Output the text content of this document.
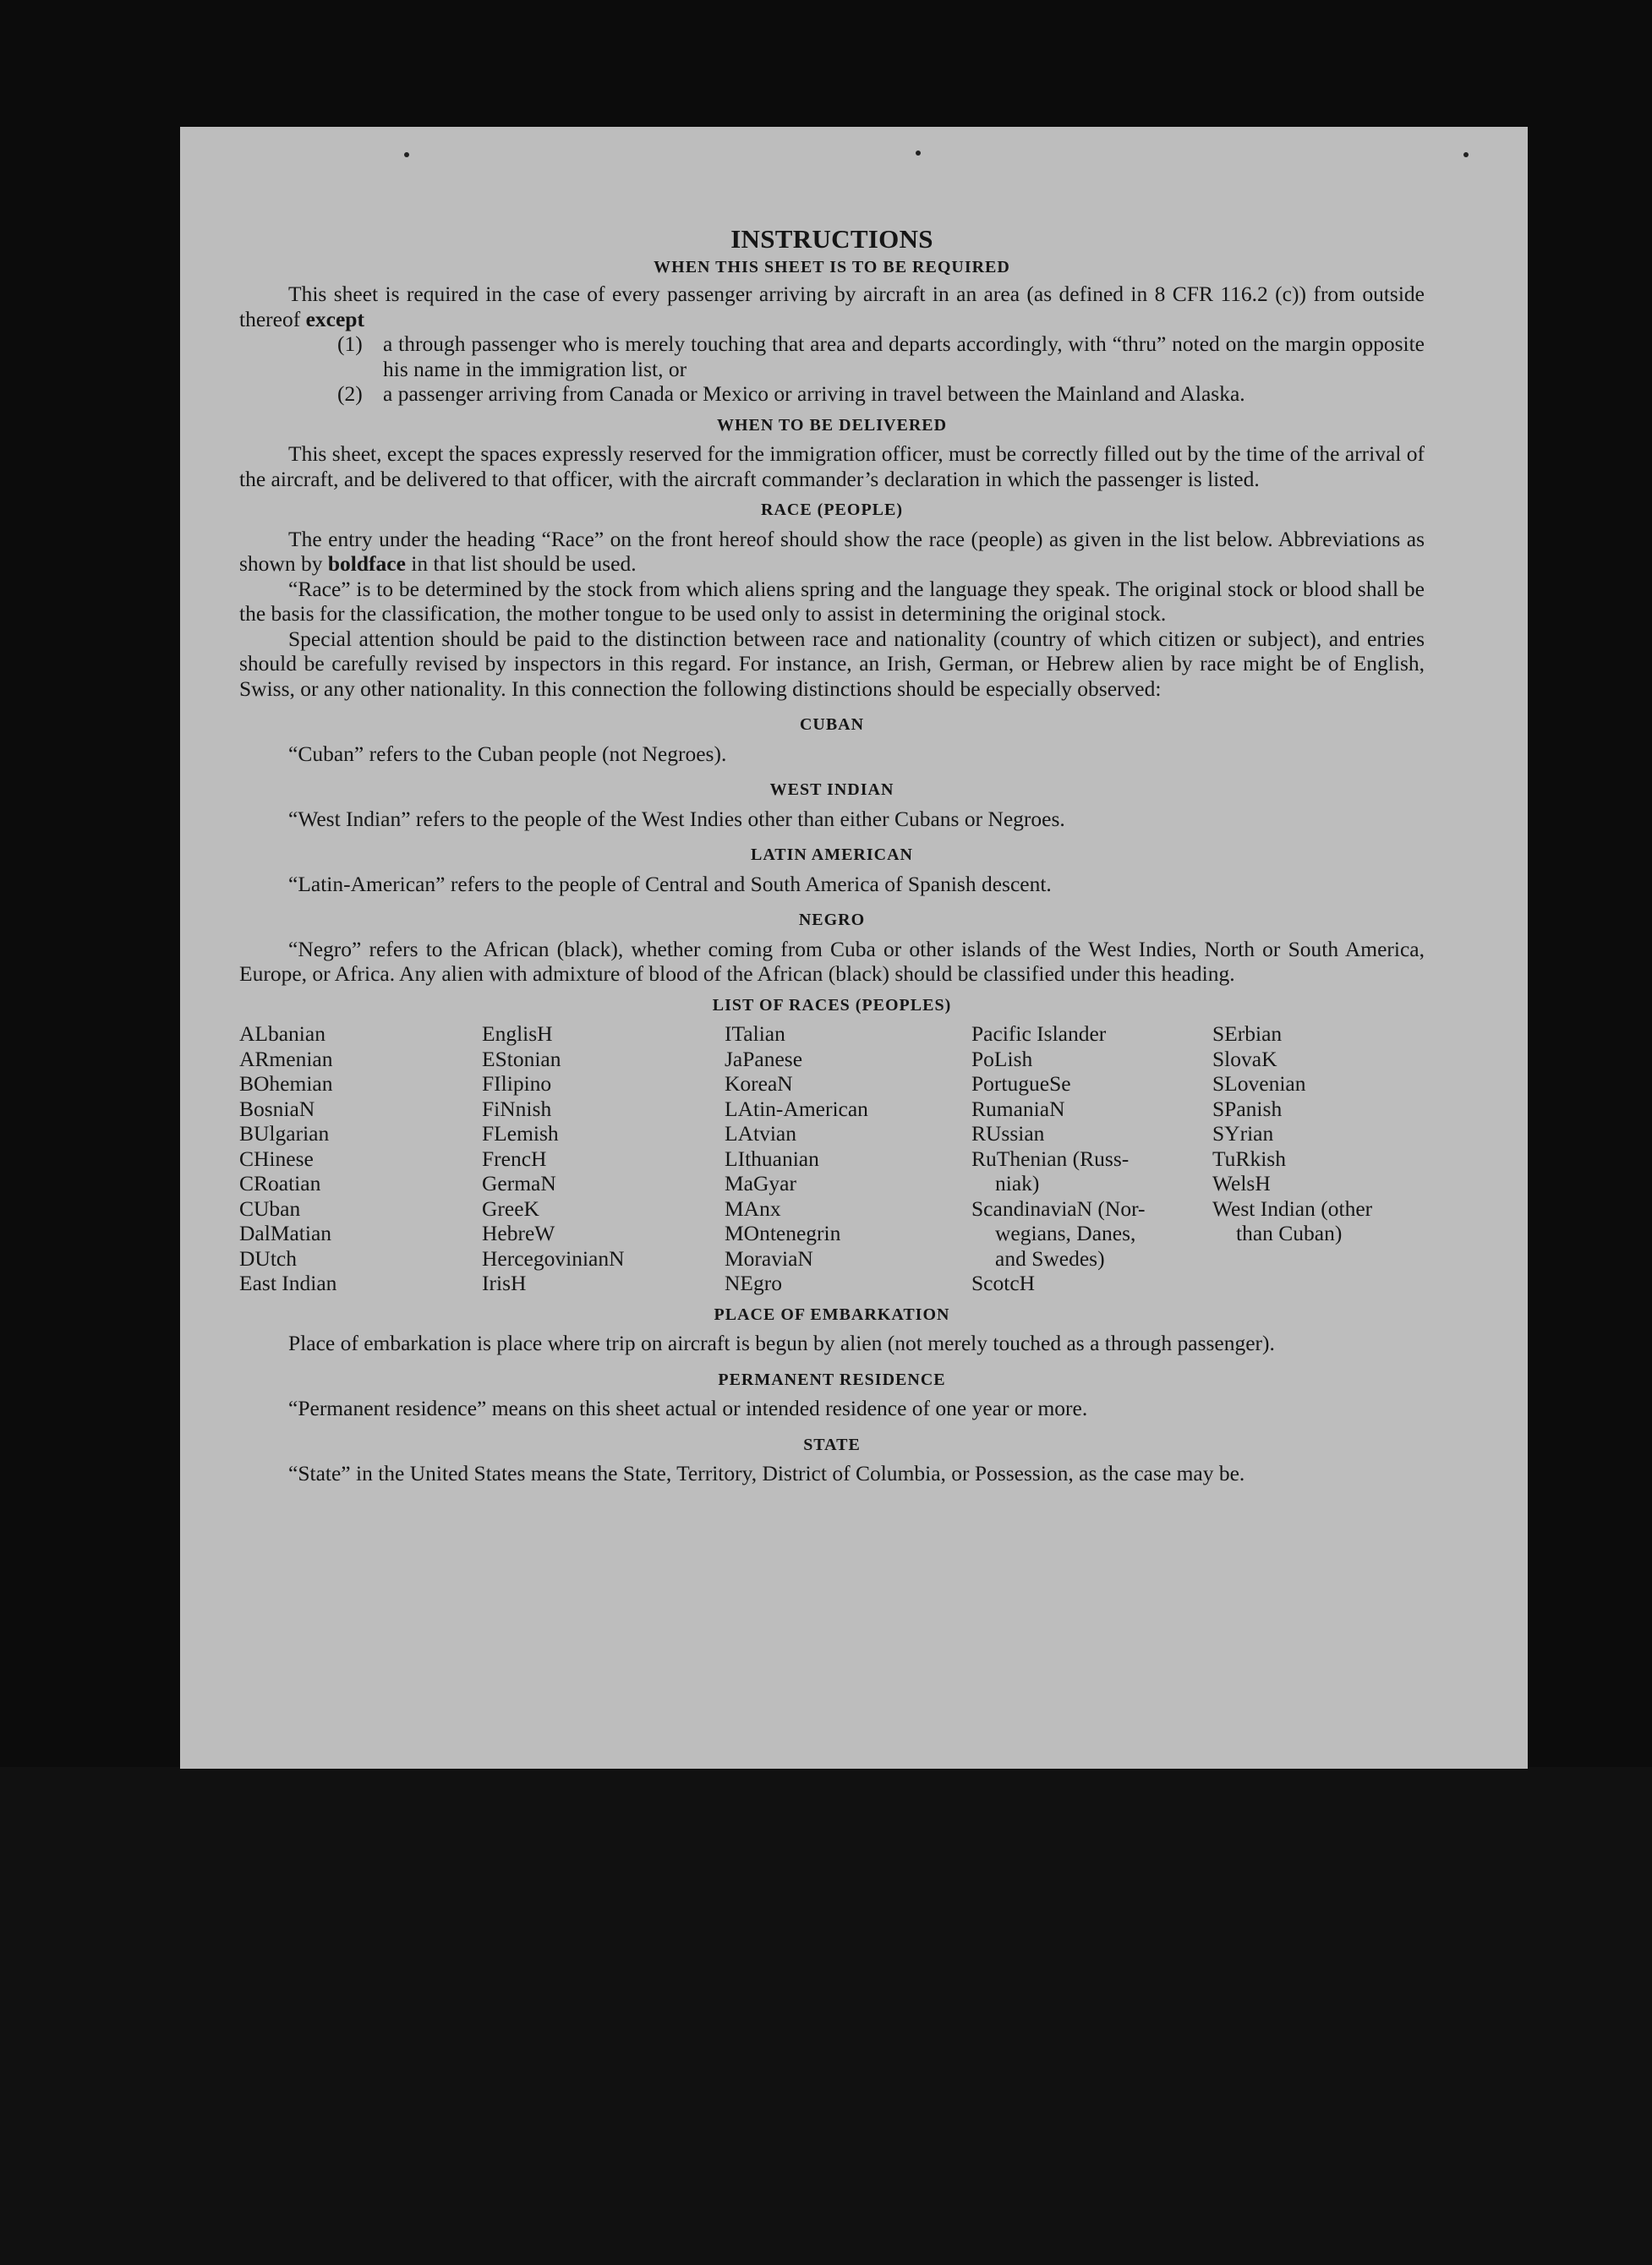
INSTRUCTIONS
WHEN THIS SHEET IS TO BE REQUIRED

This sheet is required in the case of every passenger arriving by aircraft in an area (as defined in 8 CFR 116.2 (c)) from outside thereof except

(1) a through passenger who is merely touching that area and departs accordingly, with “thru” noted on the margin opposite his name in the immigration list, or
(2) a passenger arriving from Canada or Mexico or arriving in travel between the Mainland and Alaska.
WHEN TO BE DELIVERED

This sheet, except the spaces expressly reserved for the immigration officer, must be correctly filled out by the time of the arrival of the aircraft, and be delivered to that officer, with the aircraft commander’s declaration in which the passenger is listed.

RACE (PEOPLE)

The entry under the heading “Race” on the front hereof should show the race (people) as given in the list below. Abbreviations as shown by boldface in that list should be used.

“Race” is to be determined by the stock from which aliens spring and the language they speak. The original stock or blood shall be the basis for the classification, the mother tongue to be used only to assist in determining the original stock.

Special attention should be paid to the distinction between race and nationality (country of which citizen or subject), and entries should be carefully revised by inspectors in this regard. For instance, an Irish, German, or Hebrew alien by race might be of English, Swiss, or any other nationality. In this connection the following distinctions should be especially observed:

CUBAN

“Cuban” refers to the Cuban people (not Negroes).

WEST INDIAN

“West Indian” refers to the people of the West Indies other than either Cubans or Negroes.

LATIN AMERICAN

“Latin-American” refers to the people of Central and South America of Spanish descent.

NEGRO

“Negro” refers to the African (black), whether coming from Cuba or other islands of the West Indies, North or South America, Europe, or Africa. Any alien with admixture of blood of the African (black) should be classified under this heading.

LIST OF RACES (PEOPLES)
ALbanian
ARmenian
BOhemian
BosniaN
BUlgarian
CHinese
CRoatian
CUban
DalMatian
DUtch
East Indian
EnglisH
EStonian
FIlipino
FiNnish
FLemish
FrencH
GermaN
GreeK
HebreW
HercegovinianN
IrisH
ITalian
JaPanese
KoreaN
LAtin-American
LAtvian
LIthuanian
MaGyar
MAnx
MOntenegrin
MoraviaN
NEgro
Pacific Islander
PoLish
PortugueSe
RumaniaN
RUssian
RuThenian (Russ-
niak)
ScandinaviaN (Nor-
wegians, Danes,
and Swedes)
ScotcH
SErbian
SlovaK
SLovenian
SPanish
SYrian
TuRkish
WelsH
West Indian (other
than Cuban)
PLACE OF EMBARKATION

Place of embarkation is place where trip on aircraft is begun by alien (not merely touched as a through passenger).

PERMANENT RESIDENCE

“Permanent residence” means on this sheet actual or intended residence of one year or more.

STATE

“State” in the United States means the State, Territory, District of Columbia, or Possession, as the case may be.
